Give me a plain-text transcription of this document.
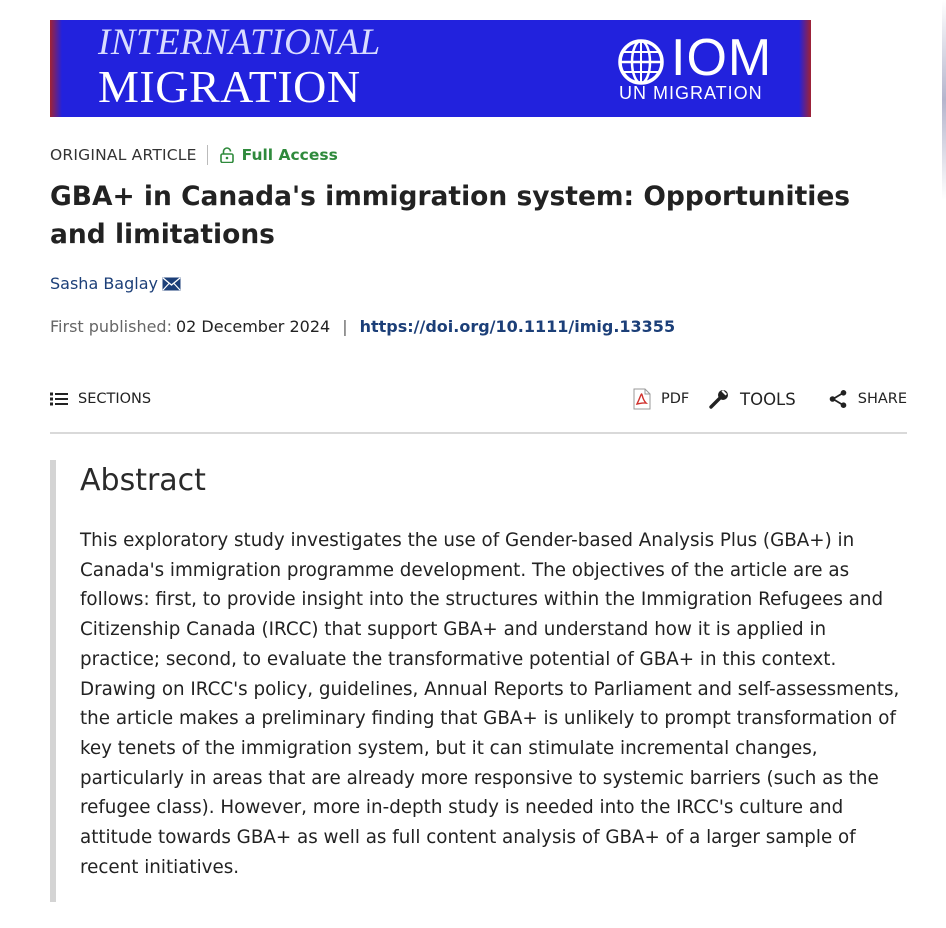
INTERNATIONAL
MIGRATION	IOM
UN MIGRATION
ORIGINAL ARTICLE	Full Access
GBA+ in Canada's immigration system: Opportunities and limitations
Sasha Baglay
First published: 02 December 2024 | https://doi.org/10.1111/imig.13355
SECTIONS	PDF	TOOLS	SHARE
Abstract

This exploratory study investigates the use of Gender-based Analysis Plus (GBA+) in Canada's immigration programme development. The objectives of the article are as follows: first, to provide insight into the structures within the Immigration Refugees and Citizenship Canada (IRCC) that support GBA+ and understand how it is applied in practice; second, to evaluate the transformative potential of GBA+ in this context. Drawing on IRCC's policy, guidelines, Annual Reports to Parliament and self-assessments, the article makes a preliminary finding that GBA+ is unlikely to prompt transformation of key tenets of the immigration system, but it can stimulate incremental changes, particularly in areas that are already more responsive to systemic barriers (such as the refugee class). However, more in-depth study is needed into the IRCC's culture and attitude towards GBA+ as well as full content analysis of GBA+ of a larger sample of recent initiatives.
